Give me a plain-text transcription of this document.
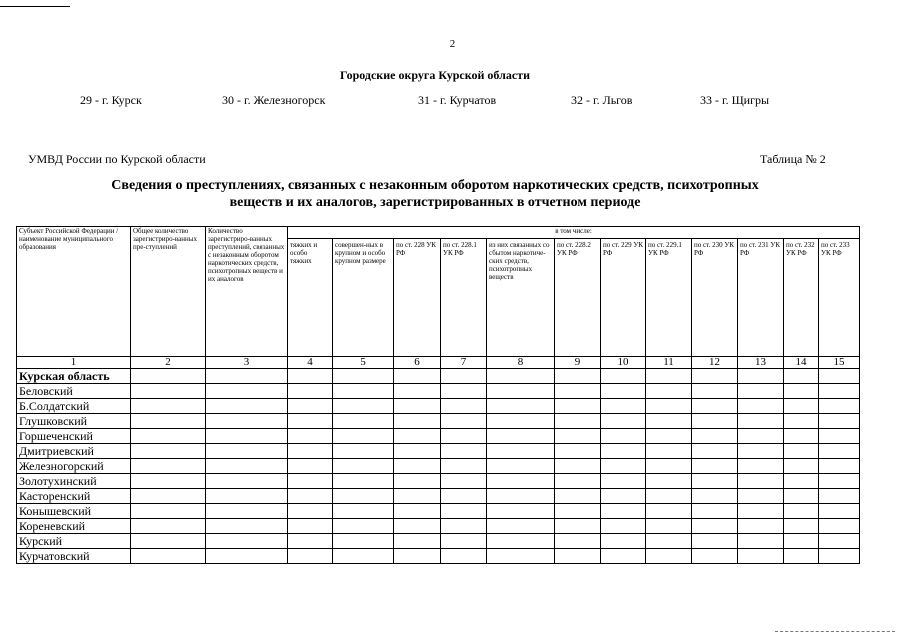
2
Городские округа Курской области
29 - г. Курск	30 - г. Железногорск	31 - г. Курчатов	32 - г. Льгов	33 - г. Щигры
УМВД России по Курской области	Таблица № 2
Сведения о преступлениях, связанных с незаконным оборотом наркотических средств, психотропных
веществ и их аналогов, зарегистрированных в отчетном периоде
Субъект Российской Федерации /наименование муниципального образования	Общее количество зарегистриро-ванных пре-ступлений	Количество зарегистриро-ванных преступлений, связанных с незаконным оборотом наркотических средств, психотропных веществ и их аналогов	в том числе:											
			тяжких и особо тяжких	совершен-ных в крупном и особо крупном размере	по ст. 228 УК РФ	по ст. 228.1 УК РФ	из них связанных со сбытом наркотиче-ских средств, психотропных веществ	по ст. 228.2 УК РФ	по ст. 229 УК РФ	по ст. 229.1 УК РФ	по ст. 230 УК РФ	по ст. 231 УК РФ	по ст. 232 УК РФ	по ст. 233 УК РФ
1	2	3	4	5	6	7	8	9	10	11	12	13	14	15
Курская область														
Беловский														
Б.Солдатский														
Глушковский														
Горшеченский														
Дмитриевский														
Железногорский														
Золотухинский														
Касторенский														
Конышевский														
Кореневский														
Курский														
Курчатовский														
